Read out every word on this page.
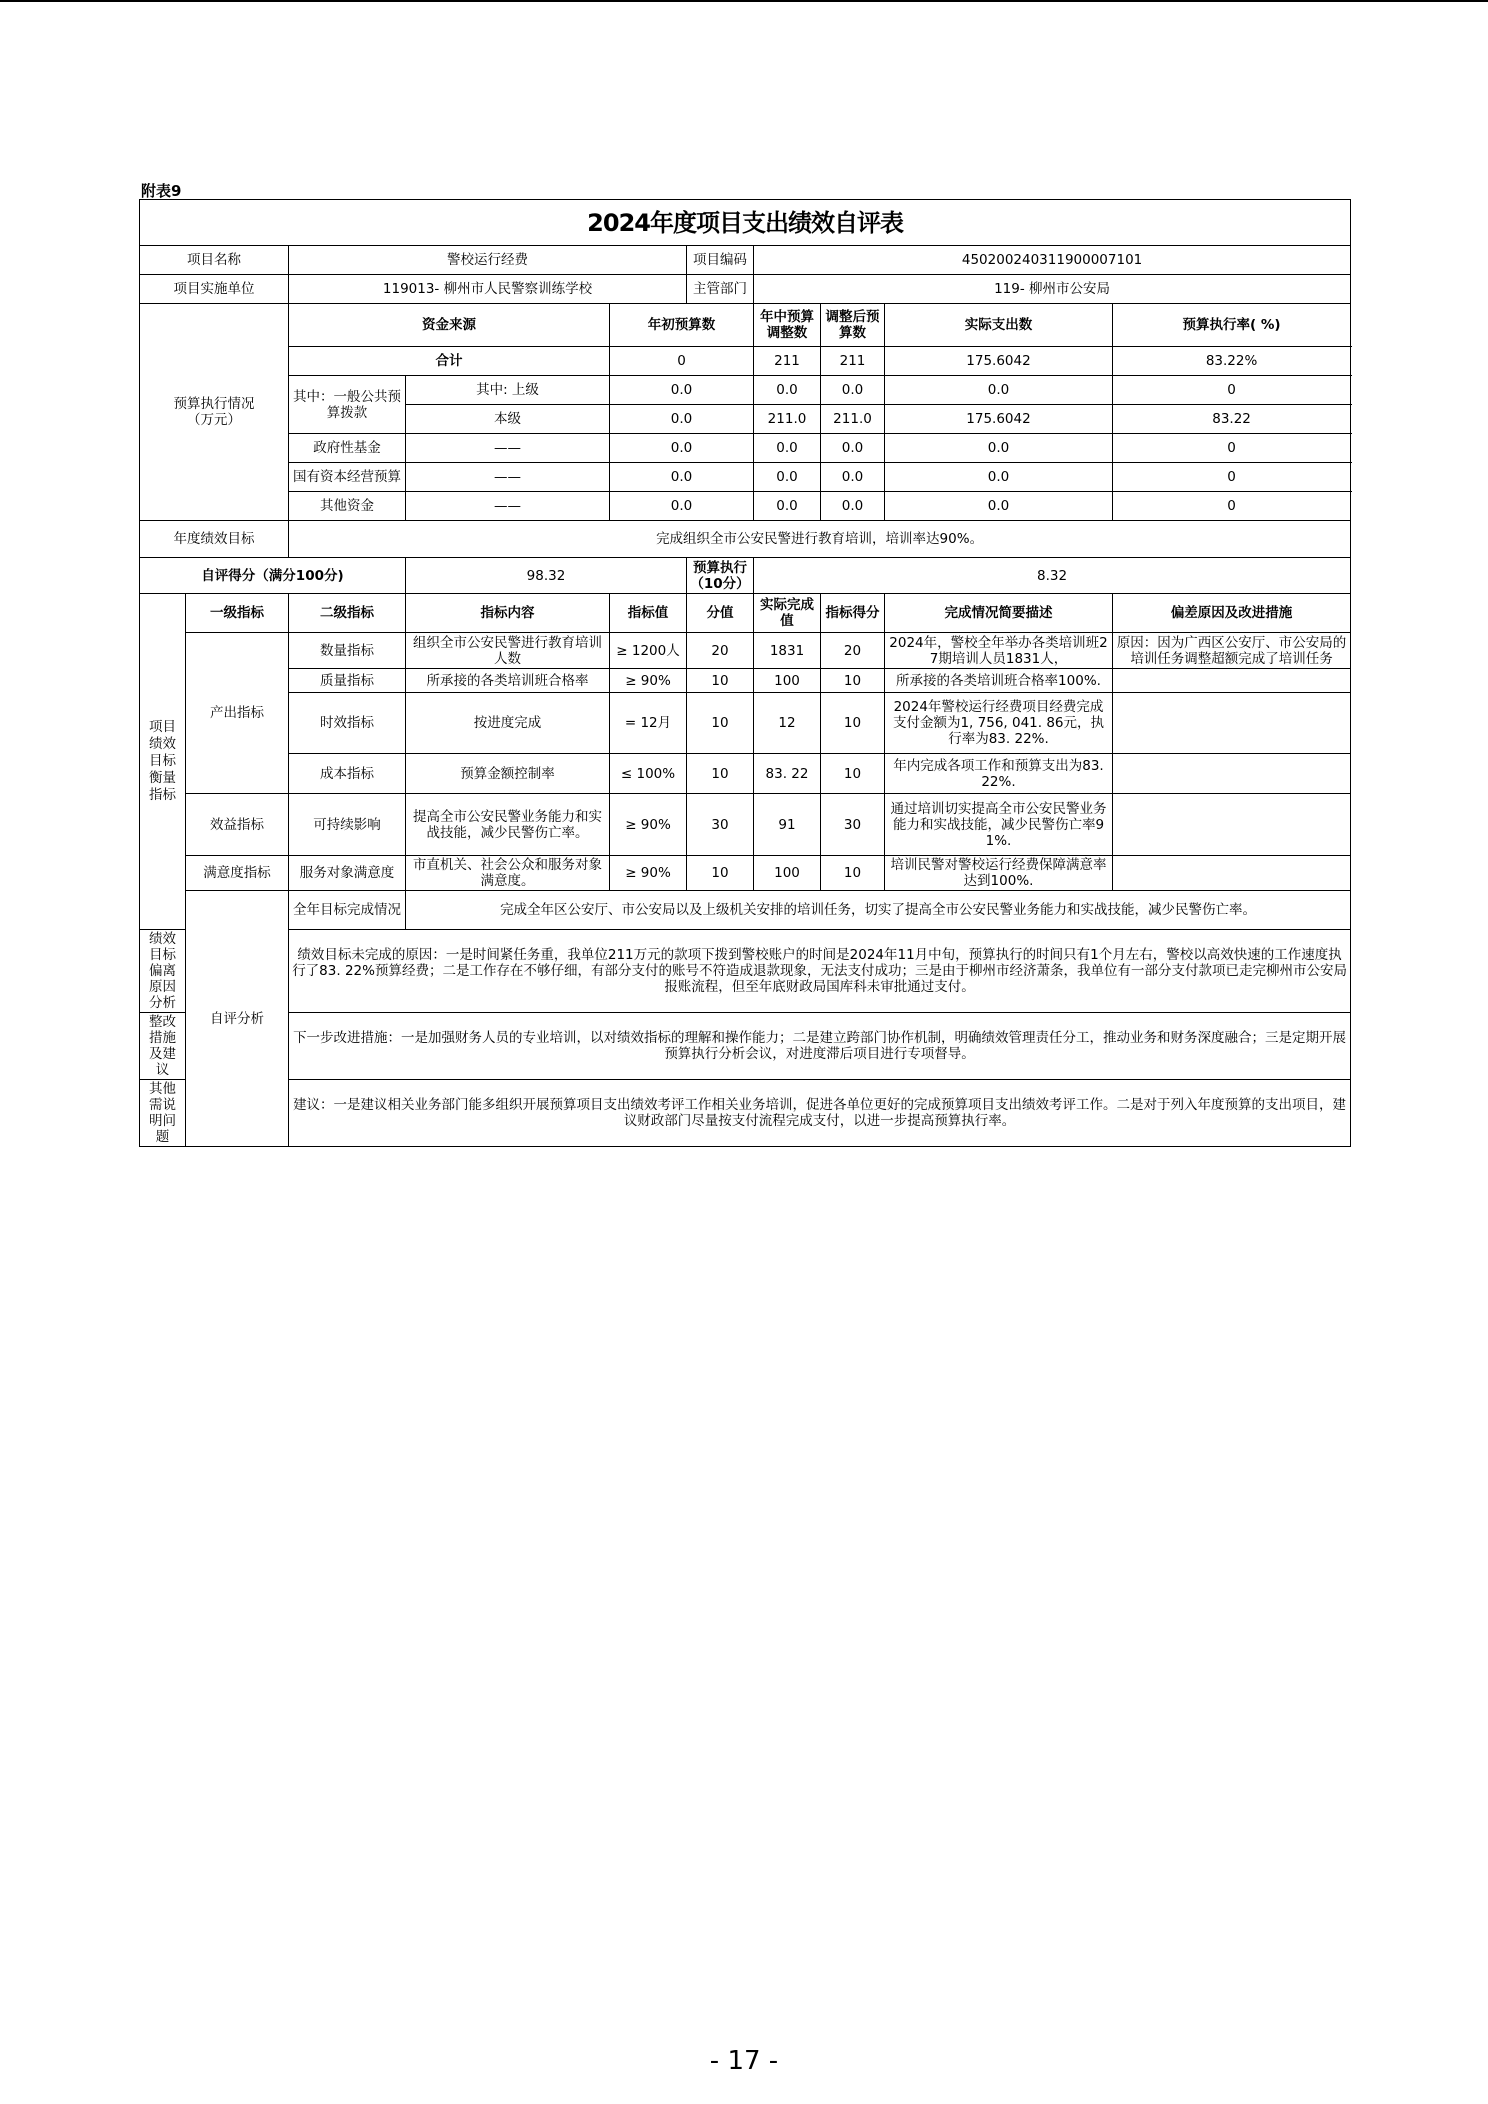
附表9
2024年度项目支出绩效自评表									
项目名称		警校运行经费			项目编码	45020024031190000710​1			
项目实施单位		119013- 柳州市人民警察训练学校			主管部门	119- 柳州市公安局			
预算执行情况
（万元）		资金来源		年初预算数		年中预算调整数	调整后预算数	实际支出数	预算执行率( %)
		合计		0		211	211	175.6042	83.22%
		其中：一般公共预算拨款	其中: 上级	0.0		0.0	0.0	0.0	0
			本级	0.0		211.0	211.0	175.6042	83.22
		政府性基金	——	0.0		0.0	0.0	0.0	0
		国有资本经营预算	——	0.0		0.0	0.0	0.0	0
		其他资金	——	0.0		0.0	0.0	0.0	0
年度绩效目标		完成组织全市公安民警进行教育培训，培训率达90%。							
自评得分（满分100分)			98.32		预算执行（10分）	8.32			
项目绩效目标衡量指标	一级指标	二级指标	指标内容	指标值	分值	实际完成值	指标得分	完成情况简要描述	偏差原因及改进措施
	产出指标	数量指标	组织全市公安民警进行教育培训人数	≥ 1200人	20	1831	20	2024年，警校全年举办各类培训班27期培训人员1831人，	原因：因为广西区公安厅、市公安局的培训任务调整超额完成了培训任务
		质量指标	所承接的各类培训班合格率	≥ 90%	10	100	10	所承接的各类培训班合格率100%.	
		时效指标	按进度完成	= 12月	10	12	10	2024年警校运行经费项目经费完成支付金额为1, 756, 041. 86元，执行率为83. 22%.	
		成本指标	预算金额控制率	≤ 100%	10	83. 22	10	年内完成各项工作和预算支出为83. 22%.	
	效益指标	可持续影响	提高全市公安民警业务能力和实战技能，减少民警伤亡率。	≥ 90%	30	91	30	通过培训切实提高全市公安民警业务能力和实战技能，减少民警伤亡率91%.	
	满意度指标	服务对象满意度	市直机关、社会公众和服务对象满意度。	≥ 90%	10	100	10	培训民警对警校运行经费保障满意率达到100%.	
	自评分析	全年目标完成情况	完成全年区公安厅、市公安局以及上级机关安排的培训任务，切实了提高全市公安民警业务能力和实战技能，减少民警伤亡率。						
绩效目标偏离原因分析		绩效目标未完成的原因：一是时间紧任务重，我单位211万元的款项下拨到警校账户的时间是2024年11月中旬，预算执行的时间只有1个月左右，警校以高效快速的工作速度执行了83. 22%预算经费；二是工作存在不够仔细，有部分支付的账号不符造成退款现象，无法支付成功；三是由于柳州市经济萧条，我单位有一部分支付款项已走完柳州市公安局报账流程，但至年底财政局国库科未审批通过支付。							
整改措施及建议		下一步改进措施：一是加强财务人员的专业培训，以对绩效指标的理解和操作能力；二是建立跨部门协作机制，明确绩效管理责任分工，推动业务和财务深度融合；三是定期开展预算执行分析会议，对进度滞后项目进行专项督导。							
其他需说明问题		建议：一是建议相关业务部门能多组织开展预算项目支出绩效考评工作相关业务培训，促进各单位更好的完成预算项目支出绩效考评工作。二是对于列入年度预算的支出项目，建议财政部门尽量按支付流程完成支付，以进一步提高预算执行率。							
- 17 -
